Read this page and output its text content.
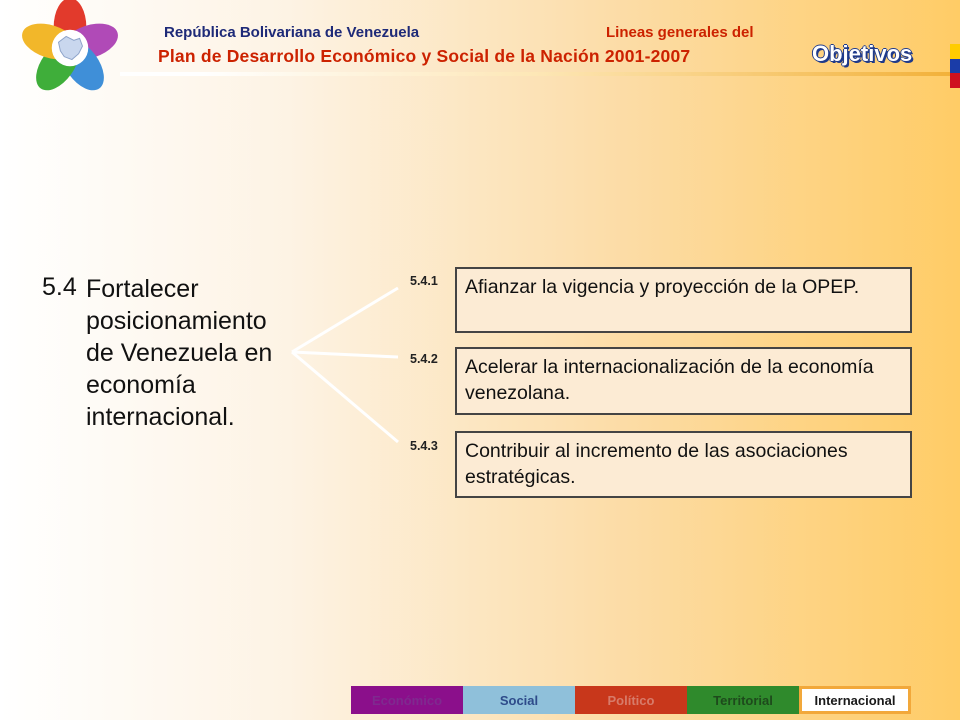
República Bolivariana de Venezuela	Lineas generales del
Plan de Desarrollo Económico y Social de la Nación 2001-2007	Objetivos
5.4 Fortalecer posicionamiento de Venezuela en economía internacional.
5.4.1	Afianzar la vigencia y proyección de la OPEP.
5.4.2	Acelerar la internacionalización de la economía venezolana.
5.4.3	Contribuir al incremento de las asociaciones estratégicas.
Económico	Social	Político	Territorial	Internacional
